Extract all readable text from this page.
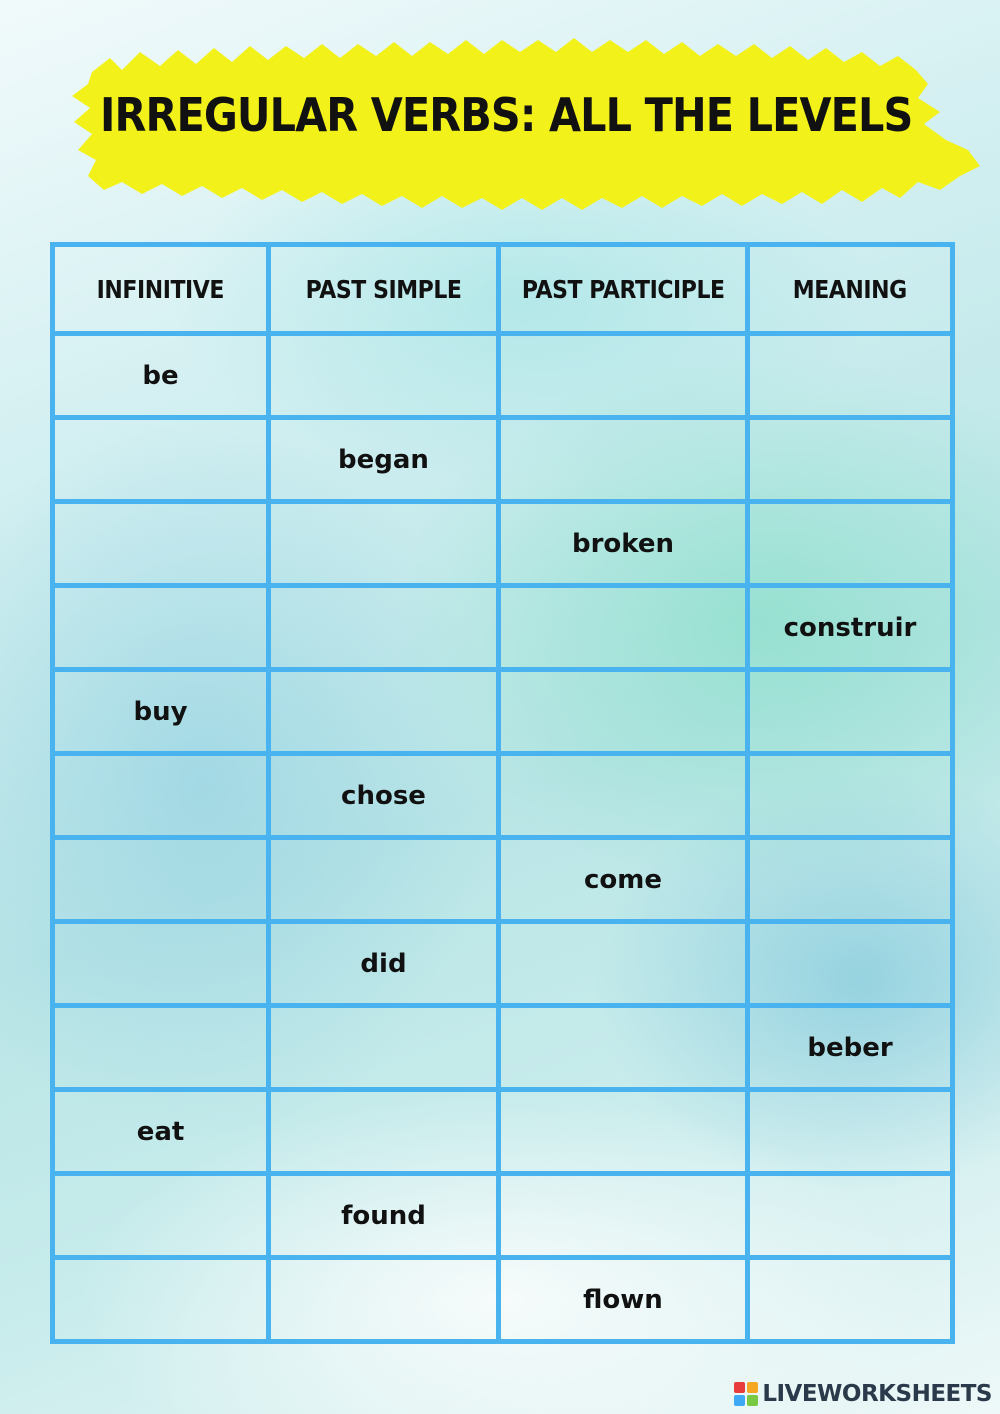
IRREGULAR VERBS: ALL THE LEVELS
INFINITIVE	PAST SIMPLE	PAST PARTICIPLE	MEANING
be			
	began		
		broken	
			construir
buy			
	chose		
		come	
	did		
			beber
eat			
	found		
		flown	
LIVEWORKSHEETS
